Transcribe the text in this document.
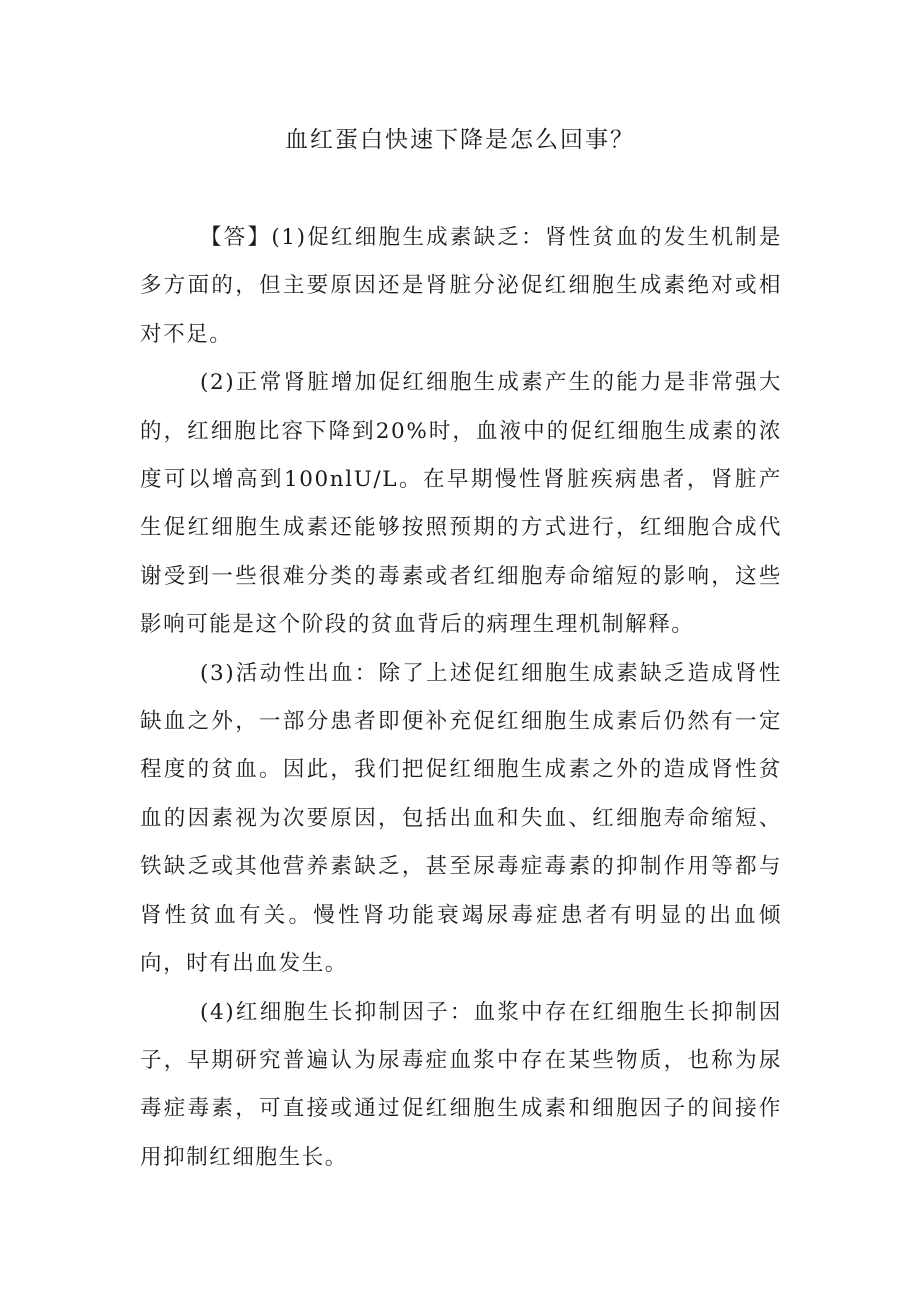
血红蛋白快速下降是怎么回事？

【答】(1)促红细胞生成素缺乏：肾性贫血的发生机制是多方面的，但主要原因还是肾脏分泌促红细胞生成素绝对或相对不足。

(2)正常肾脏增加促红细胞生成素产生的能力是非常强大的，红细胞比容下降到20%时，血液中的促红细胞生成素的浓度可以增高到100nlU/L。在早期慢性肾脏疾病患者，肾脏产生促红细胞生成素还能够按照预期的方式进行，红细胞合成代谢受到一些很难分类的毒素或者红细胞寿命缩短的影响，这些影响可能是这个阶段的贫血背后的病理生理机制解释。

(3)活动性出血：除了上述促红细胞生成素缺乏造成肾性缺血之外，一部分患者即便补充促红细胞生成素后仍然有一定程度的贫血。因此，我们把促红细胞生成素之外的造成肾性贫血的因素视为次要原因，包括出血和失血、红细胞寿命缩短、铁缺乏或其他营养素缺乏，甚至尿毒症毒素的抑制作用等都与肾性贫血有关。慢性肾功能衰竭尿毒症患者有明显的出血倾向，时有出血发生。

(4)红细胞生长抑制因子：血浆中存在红细胞生长抑制因子，早期研究普遍认为尿毒症血浆中存在某些物质，也称为尿毒症毒素，可直接或通过促红细胞生成素和细胞因子的间接作用抑制红细胞生长。
